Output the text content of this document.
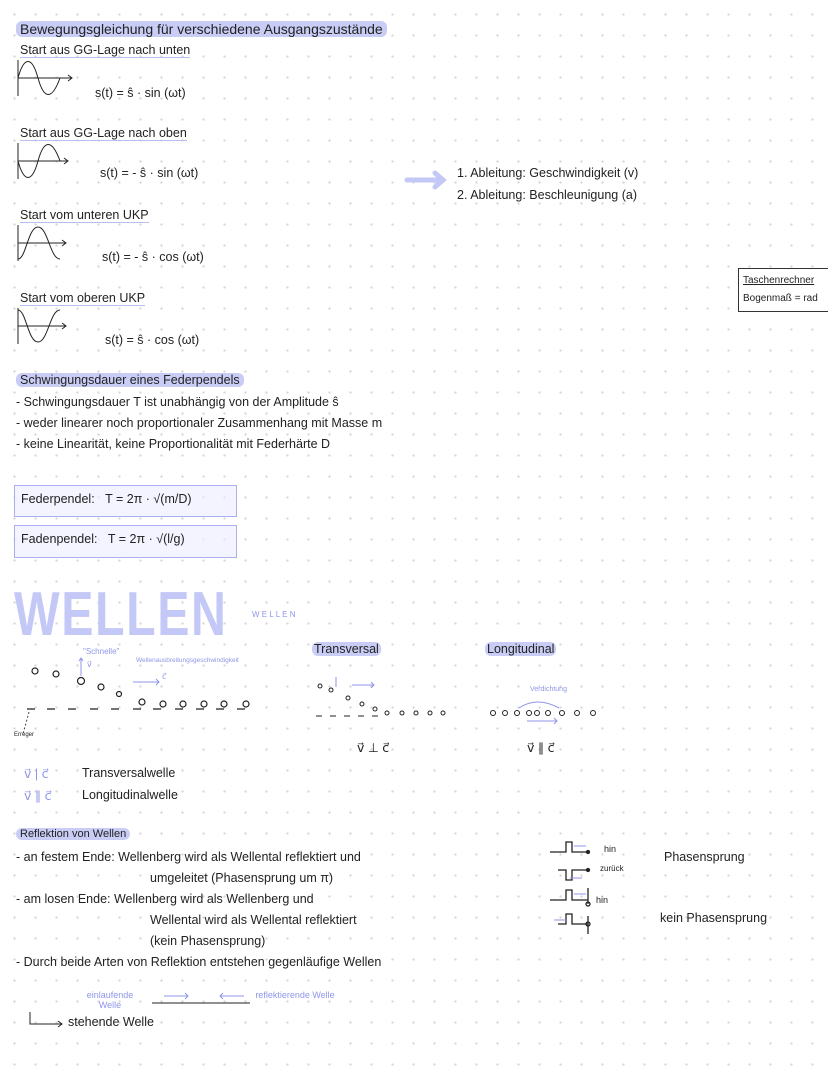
Bewegungsgleichung für verschiedene Ausgangszustände
Start aus GG-Lage nach unten
s(t) = ŝ · sin (ωt)
Start aus GG-Lage nach oben
s(t) = - ŝ · sin (ωt)
Start vom unteren UKP
s(t) = - ŝ · cos (ωt)
Start vom oberen UKP
s(t) = ŝ · cos (ωt)
1. Ableitung: Geschwindigkeit (v)
2. Ableitung: Beschleunigung (a)
Taschenrechner
Bogenmaß = rad
Schwingungsdauer eines Federpendels
- Schwingungsdauer T ist unabhängig von der Amplitude ŝ
- weder linearer noch proportionaler Zusammenhang mit Masse m
- keine Linearität, keine Proportionalität mit Federhärte D
Federpendel: T = 2π · √(m/D)
Fadenpendel: T = 2π · √(l/g)
WELLEN	W E L L E N
"Schnelle"
v⃗	Wellenausbreitungsgeschwindigkeit
c⃗
Erreger
Transversal	Longitudinal
Verdichtung
v⃗ ⊥ c⃗	v⃗ ∥ c⃗
v⃗ | c⃗	Transversalwelle
v⃗ ∥ c⃗ Longitudinalwelle
Reflektion von Wellen
- an festem Ende: Wellenberg wird als Wellental reflektiert und
umgeleitet (Phasensprung um π)
- am losen Ende: Wellenberg wird als Wellenberg und
Wellental wird als Wellental reflektiert
(kein Phasensprung)
- Durch beide Arten von Reflektion entstehen gegenläufige Wellen
hin
zurück
hin
Phasensprung
kein Phasensprung
einlaufende Welle
reflektierende Welle
stehende Welle
